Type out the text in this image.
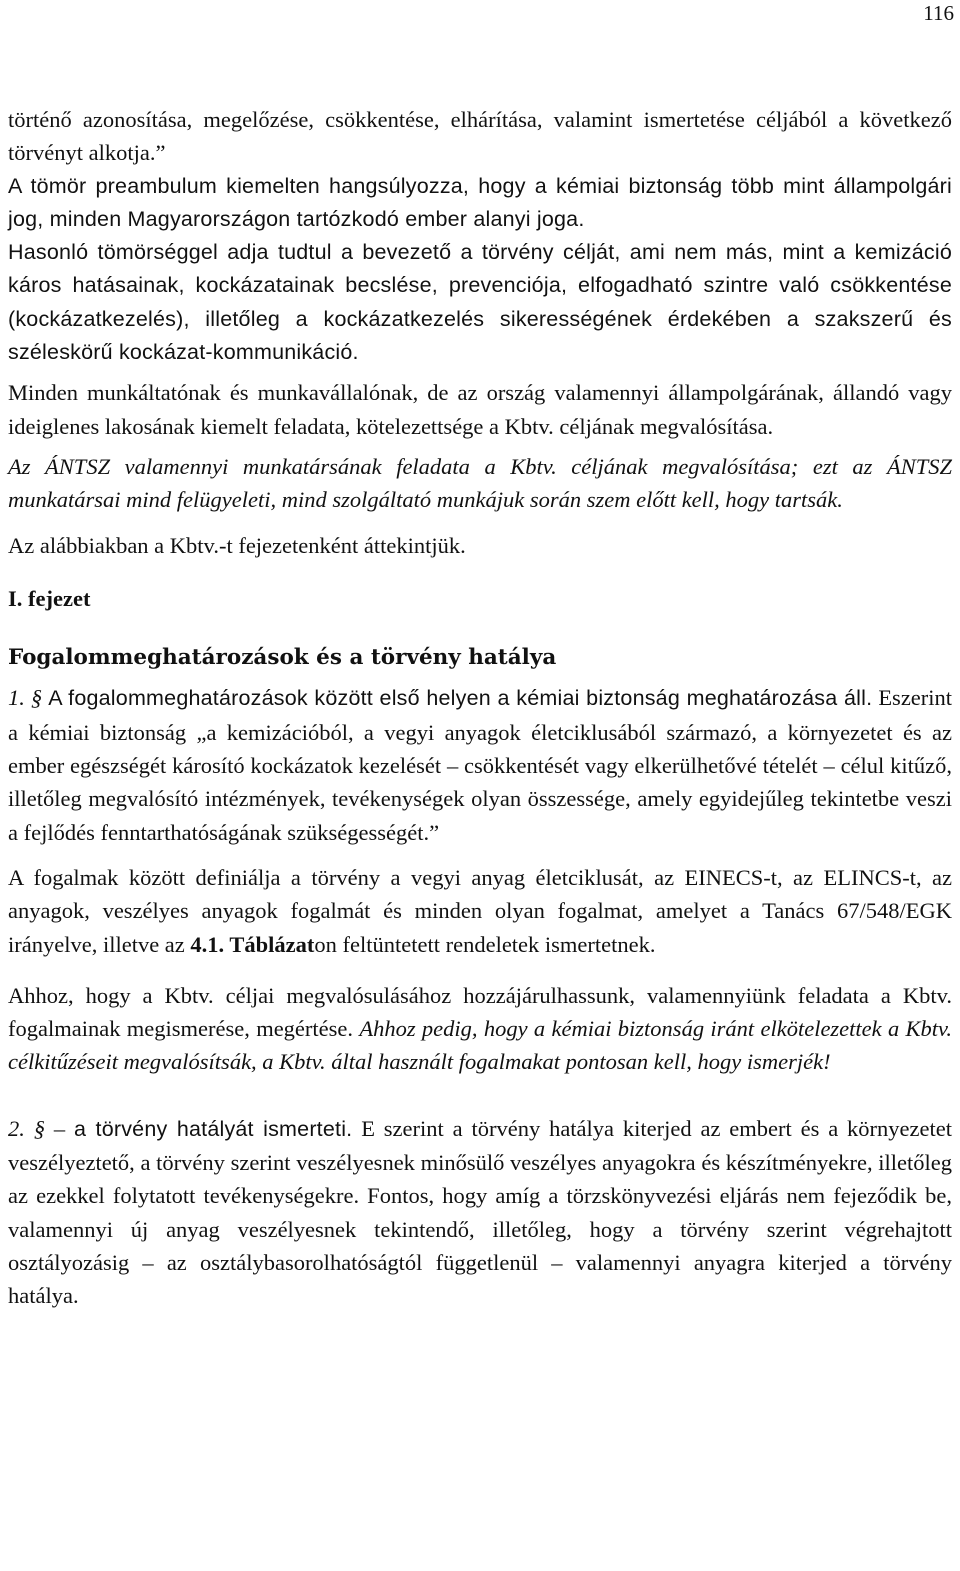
116

történő azonosítása, megelőzése, csökkentése, elhárítása, valamint ismertetése céljából a következő törvényt alkotja.”

A tömör preambulum kiemelten hangsúlyozza, hogy a kémiai biztonság több mint állampolgári jog, minden Magyarországon tartózkodó ember alanyi joga.

Hasonló tömörséggel adja tudtul a bevezető a törvény célját, ami nem más, mint a kemizáció káros hatásainak, kockázatainak becslése, prevenciója, elfogadható szintre való csökkentése (kockázatkezelés), illetőleg a kockázatkezelés sikerességének érdekében a szakszerű és széleskörű kockázat-kommunikáció.

Minden munkáltatónak és munkavállalónak, de az ország valamennyi állampolgárának, állandó vagy ideiglenes lakosának kiemelt feladata, kötelezettsége a Kbtv. céljának megvalósítása.

Az ÁNTSZ valamennyi munkatársának feladata a Kbtv. céljának megvalósítása; ezt az ÁNTSZ munkatársai mind felügyeleti, mind szolgáltató munkájuk során szem előtt kell, hogy tartsák.

Az alábbiakban a Kbtv.-t fejezetenként áttekintjük.

I. fejezet

Fogalommeghatározások és a törvény hatálya

1. § A fogalommeghatározások között első helyen a kémiai biztonság meghatározása áll. Eszerint a kémiai biztonság „a kemizációból, a vegyi anyagok életciklusából származó, a környezetet és az ember egészségét károsító kockázatok kezelését – csökkentését vagy elkerülhetővé tételét – célul kitűző, illetőleg megvalósító intézmények, tevékenységek olyan összessége, amely egyidejűleg tekintetbe veszi a fejlődés fenntarthatóságának szükségességét.”

A fogalmak között definiálja a törvény a vegyi anyag életciklusát, az EINECS-t, az ELINCS-t, az anyagok, veszélyes anyagok fogalmát és minden olyan fogalmat, amelyet a Tanács 67/548/EGK irányelve, illetve az 4.1. Táblázaton feltüntetett rendeletek ismertetnek.

Ahhoz, hogy a Kbtv. céljai megvalósulásához hozzájárulhassunk, valamennyiünk feladata a Kbtv. fogalmainak megismerése, megértése. Ahhoz pedig, hogy a kémiai biztonság iránt elkötelezettek a Kbtv. célkitűzéseit megvalósítsák, a Kbtv. által használt fogalmakat pontosan kell, hogy ismerjék!

2. § – a törvény hatályát ismerteti. E szerint a törvény hatálya kiterjed az embert és a környezetet veszélyeztető, a törvény szerint veszélyesnek minősülő veszélyes anyagokra és készítményekre, illetőleg az ezekkel folytatott tevékenységekre. Fontos, hogy amíg a törzskönyvezési eljárás nem fejeződik be, valamennyi új anyag veszélyesnek tekintendő, illetőleg, hogy a törvény szerint végrehajtott osztályozásig – az osztálybasorolhatóságtól függetlenül – valamennyi anyagra kiterjed a törvény hatálya.
